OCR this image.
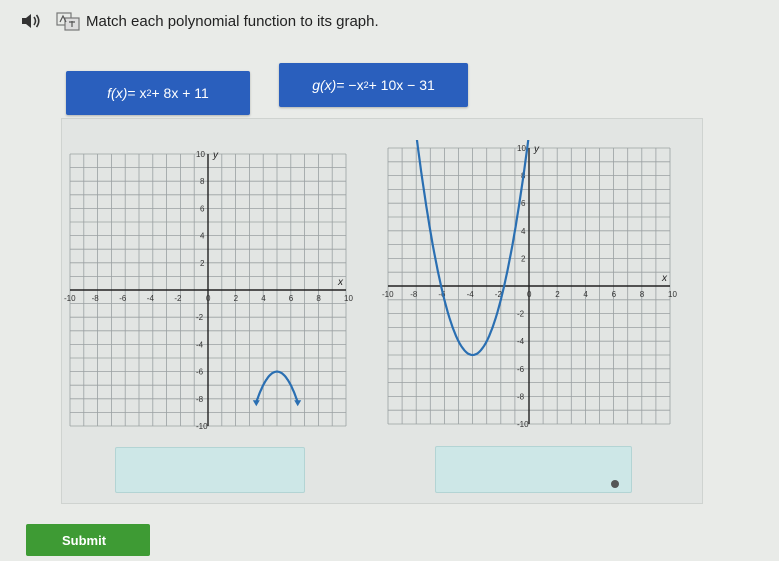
Match each polynomial function to its graph.
f(x) = x 2 + 8x + 11	g(x) = −x 2 + 10x − 31
-10 -8	-6	-4	-2	0	2	4	6	8	10
10
8
6
4
2
-2
-4
-6
-8
-10
x
y
-10 -8	-6	-4	-2	0	2	4	6	8	10
10
8
6
4
2
-2
-4
-6
-8
-10
x
y
Submit
